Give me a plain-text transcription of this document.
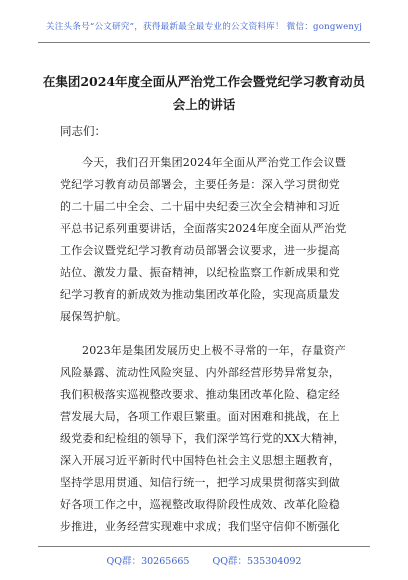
关注头条号“公文研究”，获得最新最全最专业的公文资料库！ 微信：gongwenyj
在集团2024年度全面从严治党工作会暨党纪学习教育动员
会上的讲话
同志们：
今天，我们召开集团2024年全面从严治党工作会议暨
党纪学习教育动员部署会，主要任务是：深入学习贯彻党
的二十届二中全会、二十届中央纪委三次全会精神和习近
平总书记系列重要讲话，全面落实2024年度全面从严治党
工作会议暨党纪学习教育动员部署会议要求，进一步提高
站位、激发力量、振奋精神，以纪检监察工作新成果和党
纪学习教育的新成效为推动集团改革化险，实现高质量发
展保驾护航。
2023年是集团发展历史上极不寻常的一年，存量资产
风险暴露、流动性风险突显、内外部经营形势异常复杂，
我们积极落实巡视整改要求、推动集团改革化险、稳定经
营发展大局，各项工作艰巨繁重。面对困难和挑战，在上
级党委和纪检组的领导下，我们深学笃行党的XX大精神，
深入开展习近平新时代中国特色社会主义思想主题教育，
坚持学思用贯通、知信行统一，把学习成果贯彻落实到做
好各项工作之中，巡视整改取得阶段性成效、改革化险稳
步推进，业务经营实现难中求成；我们坚守信仰不断强化
QQ群：30265665 QQ群：535304092
